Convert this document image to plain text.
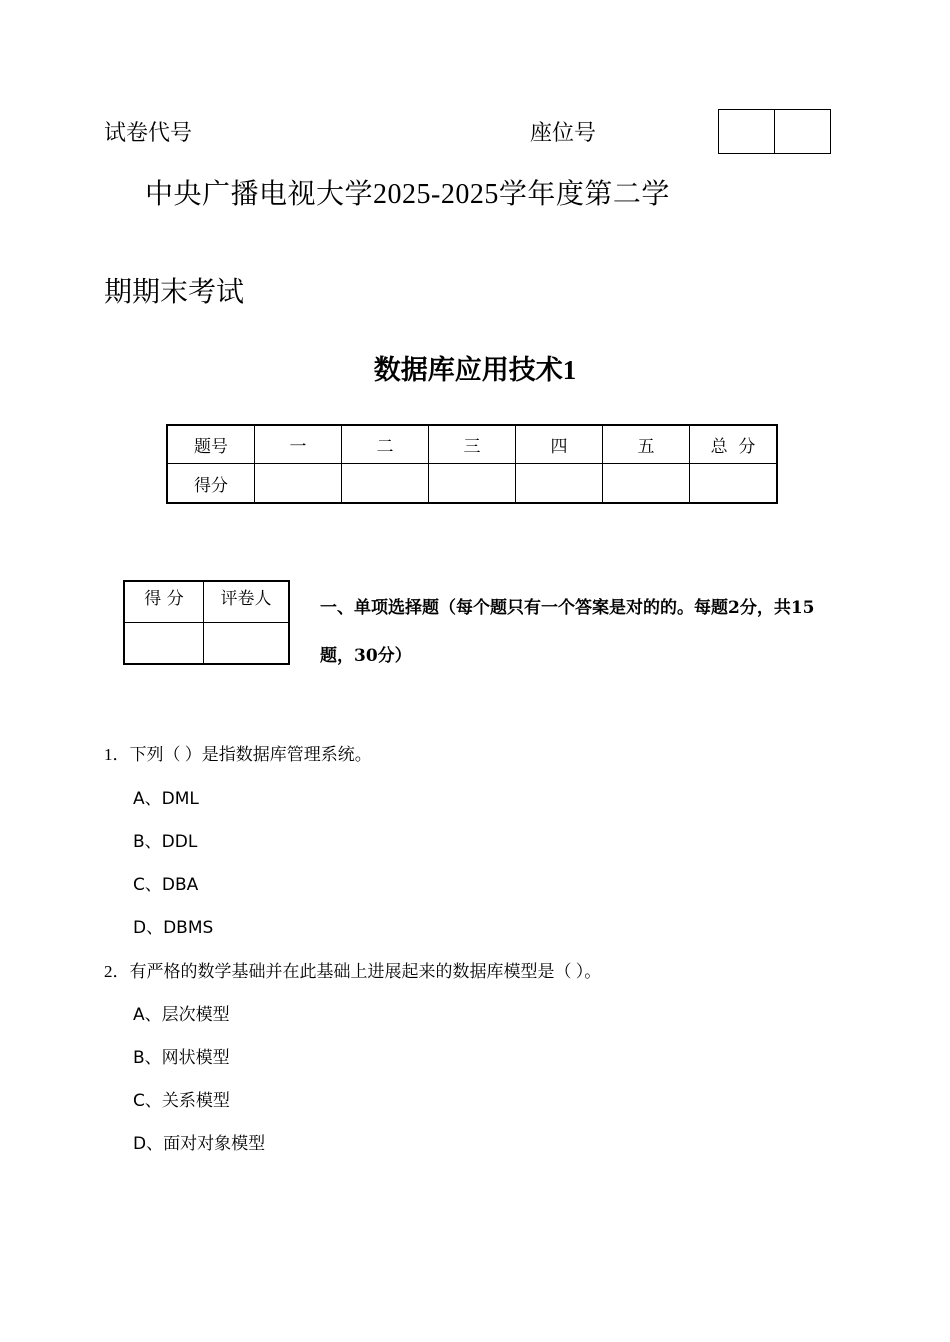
试卷代号	座位号
中央广播电视大学2025-2025学年度第二学
期期末考试
数据库应用技术1
题号	一	二	三	四	五	总  分
得分						
得 分	评卷人
		一、单项选择题（每个题只有一个答案是对的的。每题2分，共15题，30分）
1．下列（ ）是指数据库管理系统。
A、DML
B、DDL
C、DBA
D、DBMS
2．有严格的数学基础并在此基础上进展起来的数据库模型是（ ）。
A、层次模型
B、网状模型
C、关系模型
D、面对对象模型
